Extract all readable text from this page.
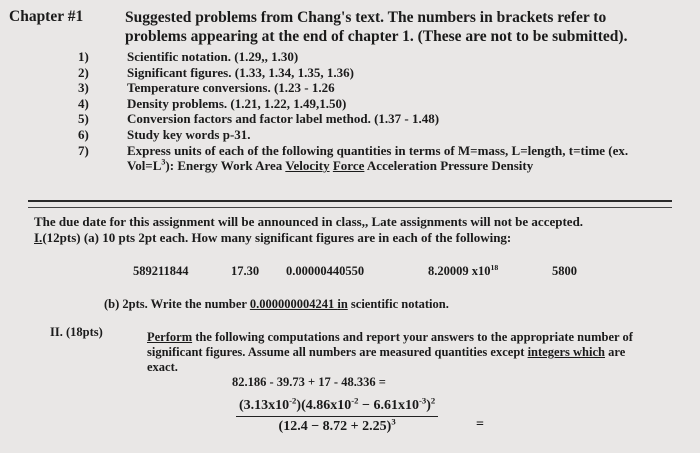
Chapter #1	Suggested problems from Chang's text. The numbers in brackets refer to
problems appearing at the end of chapter 1. (These are not to be submitted).
1)
2)
3)
4)
5)
6)
7)
Scientific notation. (1.29,, 1.30)
Significant figures. (1.33, 1.34, 1.35, 1.36)
Temperature conversions. (1.23 - 1.26
Density problems. (1.21, 1.22, 1.49,1.50)
Conversion factors and factor label method. (1.37 - 1.48)
Study key words p-31.
Express units of each of the following quantities in terms of M=mass, L=length, t=time (ex.
$Vol=L^3$): Energy Work Area Velocity Force Acceleration Pressure Density
The due date for this assignment will be announced in class,, Late assignments will not be accepted.
I.(12pts) (a) 10 pts 2pt each. How many significant figures are in each of the following:
589211844	17.30 0.00000440550	8.20009 $x10^{18}$	5800
(b) 2pts. Write the number 0.000000004241 in scientific notation.
II. (18pts)	Perform the following computations and report your answers to the appropriate number of
significant figures. Assume all numbers are measured quantities except integers which are
exact.
82.186 - 39.73 + 17 - 48.336 =
$\frac{(3.13x10^{-2})(4.86x10^{-2} - 6.61x10^{-3})^2}{(12.4 - 8.72 + 2.25)^3}$	=
